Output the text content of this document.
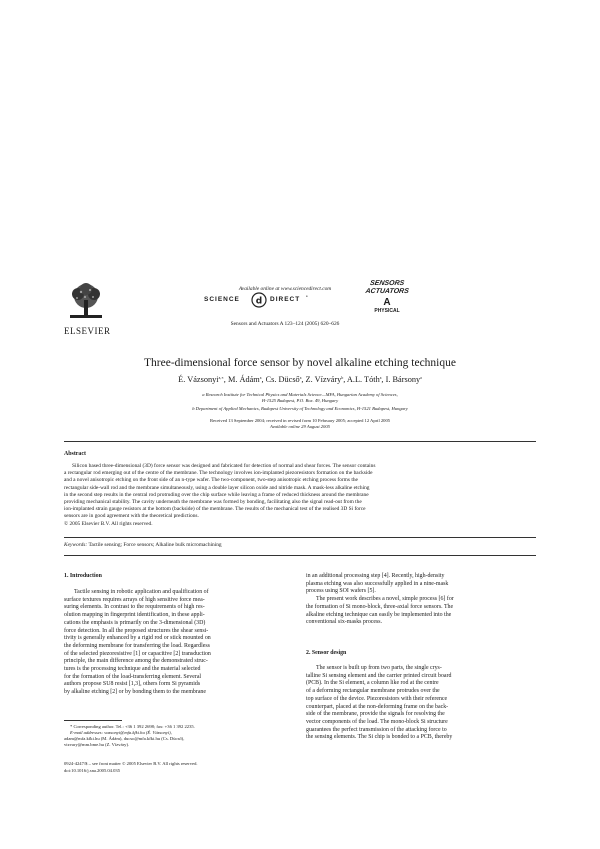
ELSEVIER
Available online at www.sciencedirect.com
SCIENCE d DIRECT •
Sensors and Actuators A 123–124 (2005) 620–626
SENSORS
ACTUATORS
A
PHYSICAL
Three-dimensional force sensor by novel alkaline etching technique
É. Vázsonyi$^{a,∗}$, M. Ádám$^a$, Cs. Dücső$^a$, Z. Vízváry$^b$, A.L. Tóth$^a$, I. Bársony$^a$
a Research Institute for Technical Physics and Materials Science—MFA, Hungarian Academy of Sciences,
H-1525 Budapest, P.O. Box. 49, Hungary
b Department of Applied Mechanics, Budapest University of Technology and Economics, H-1521 Budapest, Hungary
Received 13 September 2004; received in revised form 10 February 2005; accepted 12 April 2005
Available online 29 August 2005
Abstract
Silicon based three-dimensional (3D) force sensor was designed and fabricated for detection of normal and shear forces. The sensor contains
a rectangular rod emerging out of the centre of the membrane. The technology involves ion-implanted piezoresistors formation on the backside
and a novel anisotropic etching on the front side of an n-type wafer. The two-component, two-step anisotropic etching process forms the
rectangular side-wall rod and the membrane simultaneously, using a double layer silicon oxide and nitride mask. A mask-less alkaline etching
in the second step results in the central rod protruding over the chip surface while leaving a frame of reduced thickness around the membrane
providing mechanical stability. The cavity underneath the membrane was formed by bonding, facilitating also the signal read-out from the
ion-implanted strain gauge resistors at the bottom (backside) of the membrane. The results of the mechanical test of the realised 3D Si force
sensors are in good agreement with the theoretical predictions.
© 2005 Elsevier B.V. All rights reserved.
Keywords: Tactile sensing; Force sensors; Alkaline bulk micromachining
1. Introduction
Tactile sensing in robotic application and qualification of
surface textures requires arrays of high sensitive force mea-
suring elements. In contrast to the requirements of high res-
olution mapping in fingerprint identification, in these appli-
cations the emphasis is primarily on the 3-dimensional (3D)
force detection. In all the proposed structures the shear sensi-
tivity is generally enhanced by a rigid rod or stick mounted on
the deforming membrane for transferring the load. Regardless
of the selected piezoresistive [1] or capacitive [2] transduction
principle, the main difference among the demonstrated struc-
tures is the processing technique and the material selected
for the formation of the load-transferring element. Several
authors propose SU8 resist [1,3], others form Si pyramids
by alkaline etching [2] or by bonding them to the membrane
* Corresponding author. Tel.: +36 1 392 2698; fax: +36 1 392 2235.
E-mail addresses: vazsonyi@mfa.kfki.hu (É. Vázsonyi),
adam@mfa.kfki.hu (M. Ádám), ducso@mfa.kfki.hu (Cs. Dücső),
vizvary@mm.bme.hu (Z. Vízváry).
0924-4247/$ – see front matter © 2005 Elsevier B.V. All rights reserved.
doi:10.1016/j.sna.2005.04.035
in an additional processing step [4]. Recently, high-density
plasma etching was also successfully applied in a nine-mask
process using SOI wafers [5].
The present work describes a novel, simple process [6] for
the formation of Si mono-block, three-axial force sensors. The
alkaline etching technique can easily be implemented into the
conventional six-masks process.
2. Sensor design
The sensor is built up from two parts, the single crys-
talline Si sensing element and the carrier printed circuit board
(PCB). In the Si element, a column like rod at the centre
of a deforming rectangular membrane protrudes over the
top surface of the device. Piezoresistors with their reference
counterpart, placed at the non-deforming frame on the back-
side of the membrane, provide the signals for resolving the
vector components of the load. The mono-block Si structure
guarantees the perfect transmission of the attacking force to
the sensing elements. The Si chip is bonded to a PCB, thereby
